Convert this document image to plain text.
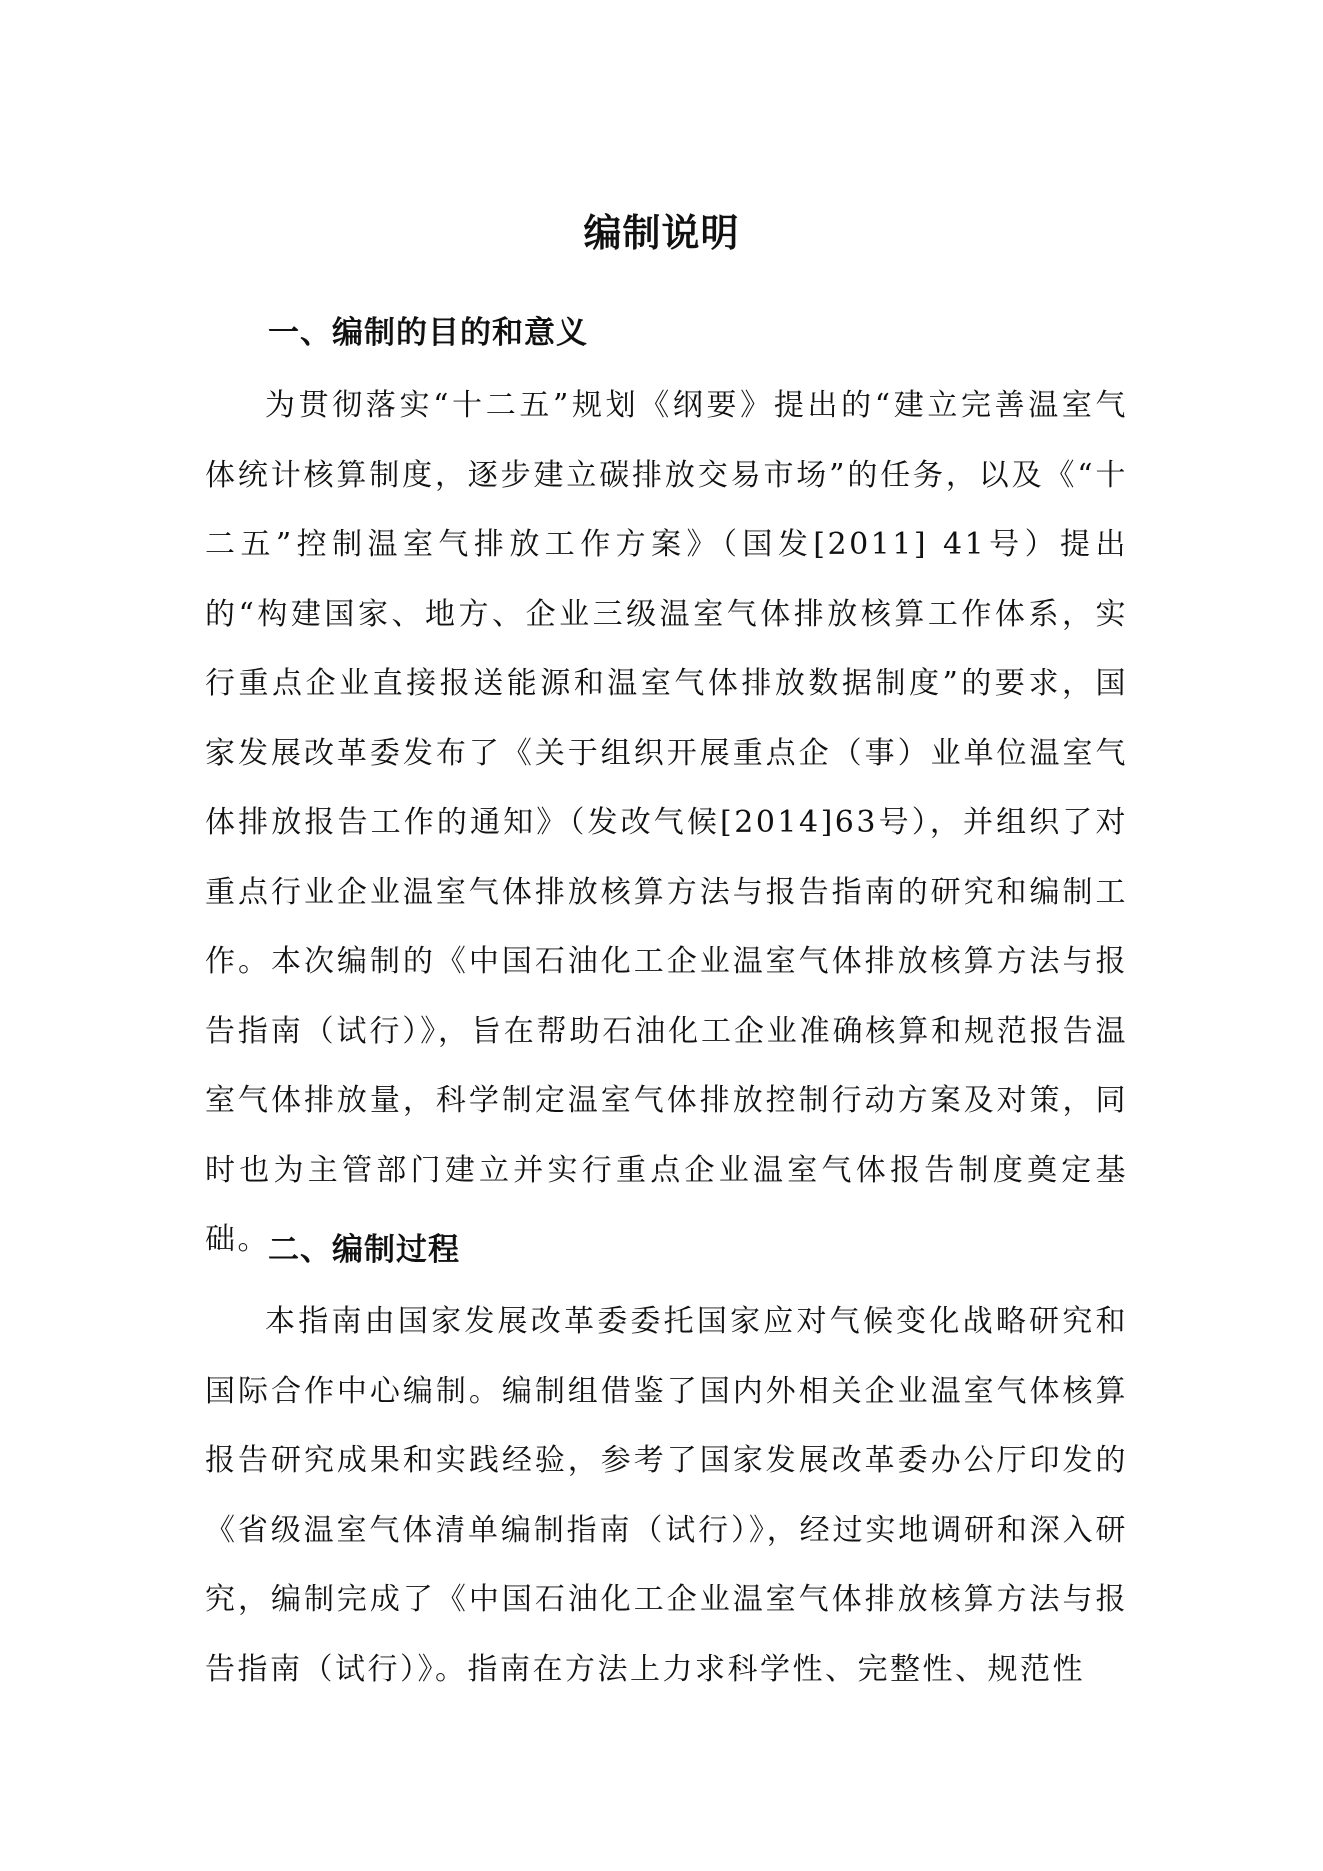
编制说明
一、编制的目的和意义

为贯彻落实“十二五”规划《纲要》提出的“建立完善温室气体统计核算制度，逐步建立碳排放交易市场”的任务，以及《“十二五”控制温室气排放工作方案》（国发[2011] 41号）提出的“构建国家、地方、企业三级温室气体排放核算工作体系，实行重点企业直接报送能源和温室气体排放数据制度”的要求，国家发展改革委发布了《关于组织开展重点企（事）业单位温室气体排放报告工作的通知》（发改气候[2014]63号），并组织了对重点行业企业温室气体排放核算方法与报告指南的研究和编制工作。本次编制的《中国石油化工企业温室气体排放核算方法与报告指南（试行）》，旨在帮助石油化工企业准确核算和规范报告温室气体排放量，科学制定温室气体排放控制行动方案及对策，同时也为主管部门建立并实行重点企业温室气体报告制度奠定基础。

二、编制过程

本指南由国家发展改革委委托国家应对气候变化战略研究和国际合作中心编制。编制组借鉴了国内外相关企业温室气体核算报告研究成果和实践经验，参考了国家发展改革委办公厅印发的《省级温室气体清单编制指南（试行）》，经过实地调研和深入研究，编制完成了《中国石油化工企业温室气体排放核算方法与报告指南（试行）》。指南在方法上力求科学性、完整性、规范性
